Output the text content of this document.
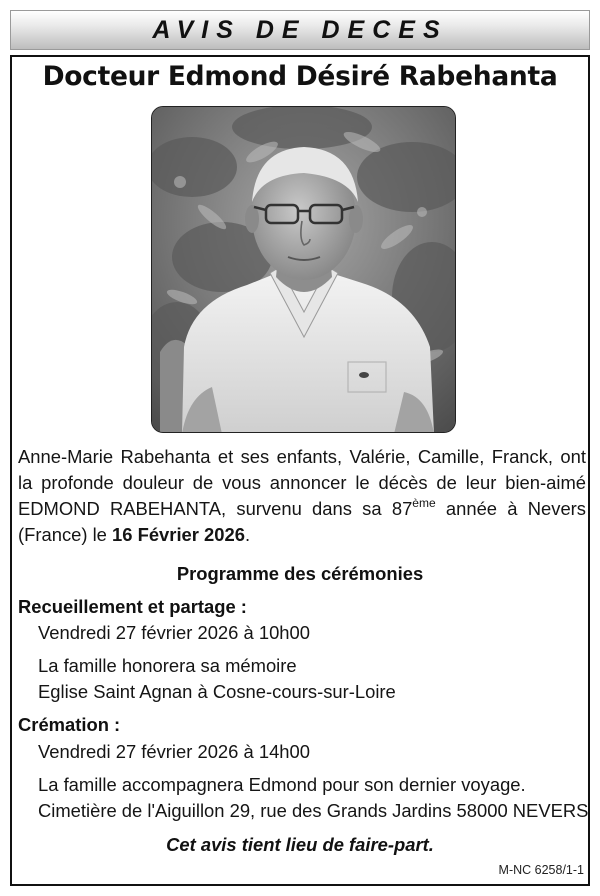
AVIS DE DECES
Docteur Edmond Désiré Rabehanta
Anne-Marie Rabehanta et ses enfants, Valérie, Camille, Franck, ont la profonde douleur de vous annoncer le décès de leur bien-aimé EDMOND RABEHANTA, survenu dans sa 87ème année à Nevers (France) le 16 Février 2026.
Programme des cérémonies
Recueillement et partage :
Vendredi 27 février 2026 à 10h00
La famille honorera sa mémoire
Eglise Saint Agnan à Cosne-cours-sur-Loire
Crémation :
Vendredi 27 février 2026 à 14h00
La famille accompagnera Edmond pour son dernier voyage.
Cimetière de l'Aiguillon 29, rue des Grands Jardins 58000 NEVERS
Cet avis tient lieu de faire-part.
M-NC 6258/1-1
